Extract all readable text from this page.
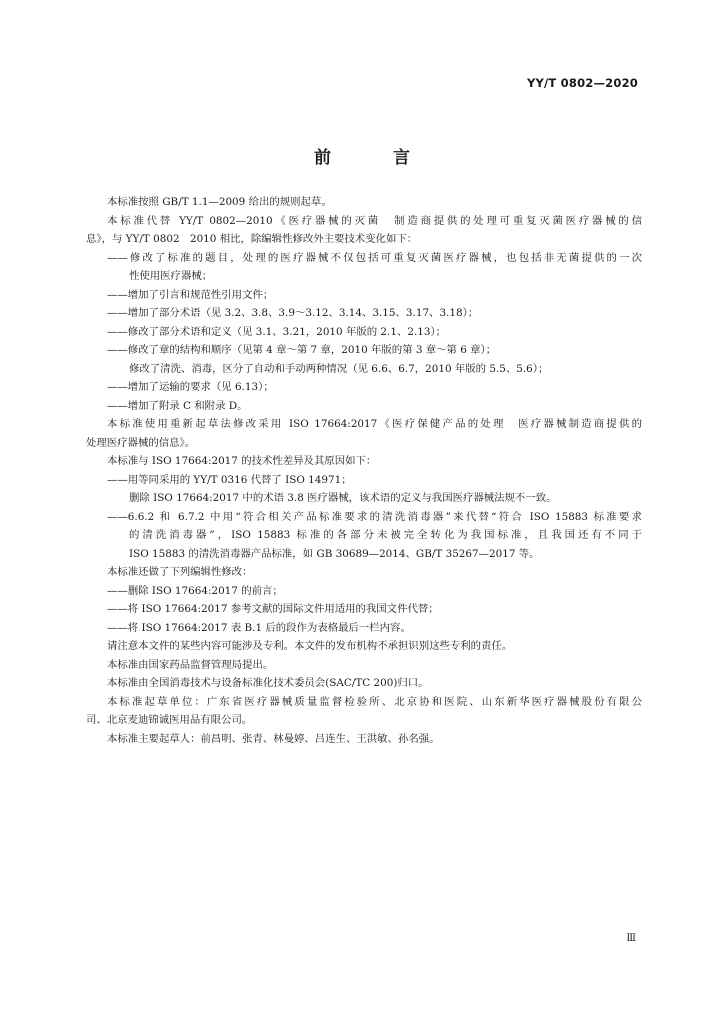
YY/T 0802—2020
前 言
本标准按照 GB/T 1.1—2009 给出的规则起草。
本标准代替 YY/T 0802—2010《医疗器械的灭菌　制造商提供的处理可重复灭菌医疗器械的信
息》，与 YY/T 0802　2010 相比，除编辑性修改外主要技术变化如下：
——修改了标准的题目，处理的医疗器械不仅包括可重复灭菌医疗器械，也包括非无菌提供的一次
性使用医疗器械；
——增加了引言和规范性引用文件；
——增加了部分术语（见 3.2、3.8、3.9～3.12、3.14、3.15、3.17、3.18）；
——修改了部分术语和定义（见 3.1、3.21，2010 年版的 2.1、2.13）；
——修改了章的结构和顺序（见第 4 章～第 7 章，2010 年版的第 3 章～第 6 章）；
修改了清洗、消毒，区分了自动和手动两种情况（见 6.6、6.7，2010 年版的 5.5、5.6）；
——增加了运输的要求（见 6.13）；
——增加了附录 C 和附录 D。
本标准使用重新起草法修改采用 ISO 17664:2017《医疗保健产品的处理　医疗器械制造商提供的
处理医疗器械的信息》。
本标准与 ISO 17664:2017 的技术性差异及其原因如下：
——用等同采用的 YY/T 0316 代替了 ISO 14971；
删除 ISO 17664:2017 中的术语 3.8 医疗器械，该术语的定义与我国医疗器械法规不一致。
——6.6.2 和 6.7.2 中用“符合相关产品标准要求的清洗消毒器”来代替“符合 ISO 15883 标准要求
的清洗消毒器”，ISO 15883 标准的各部分未被完全转化为我国标准，且我国还有不同于
ISO 15883 的清洗消毒器产品标准，如 GB 30689—2014、GB/T 35267—2017 等。
本标准还做了下列编辑性修改：
——删除 ISO 17664:2017 的前言；
——将 ISO 17664:2017 参考文献的国际文件用适用的我国文件代替；
——将 ISO 17664:2017 表 B.1 后的段作为表格最后一栏内容。
请注意本文件的某些内容可能涉及专利。本文件的发布机构不承担识别这些专利的责任。
本标准由国家药品监督管理局提出。
本标准由全国消毒技术与设备标准化技术委员会(SAC/TC 200)归口。
本标准起草单位：广东省医疗器械质量监督检验所、北京协和医院、山东新华医疗器械股份有限公
司、北京麦迪锦诚医用品有限公司。
本标准主要起草人：前昌明、张青、林曼婷、吕连生、王洪敏、孙名强。
Ⅲ
